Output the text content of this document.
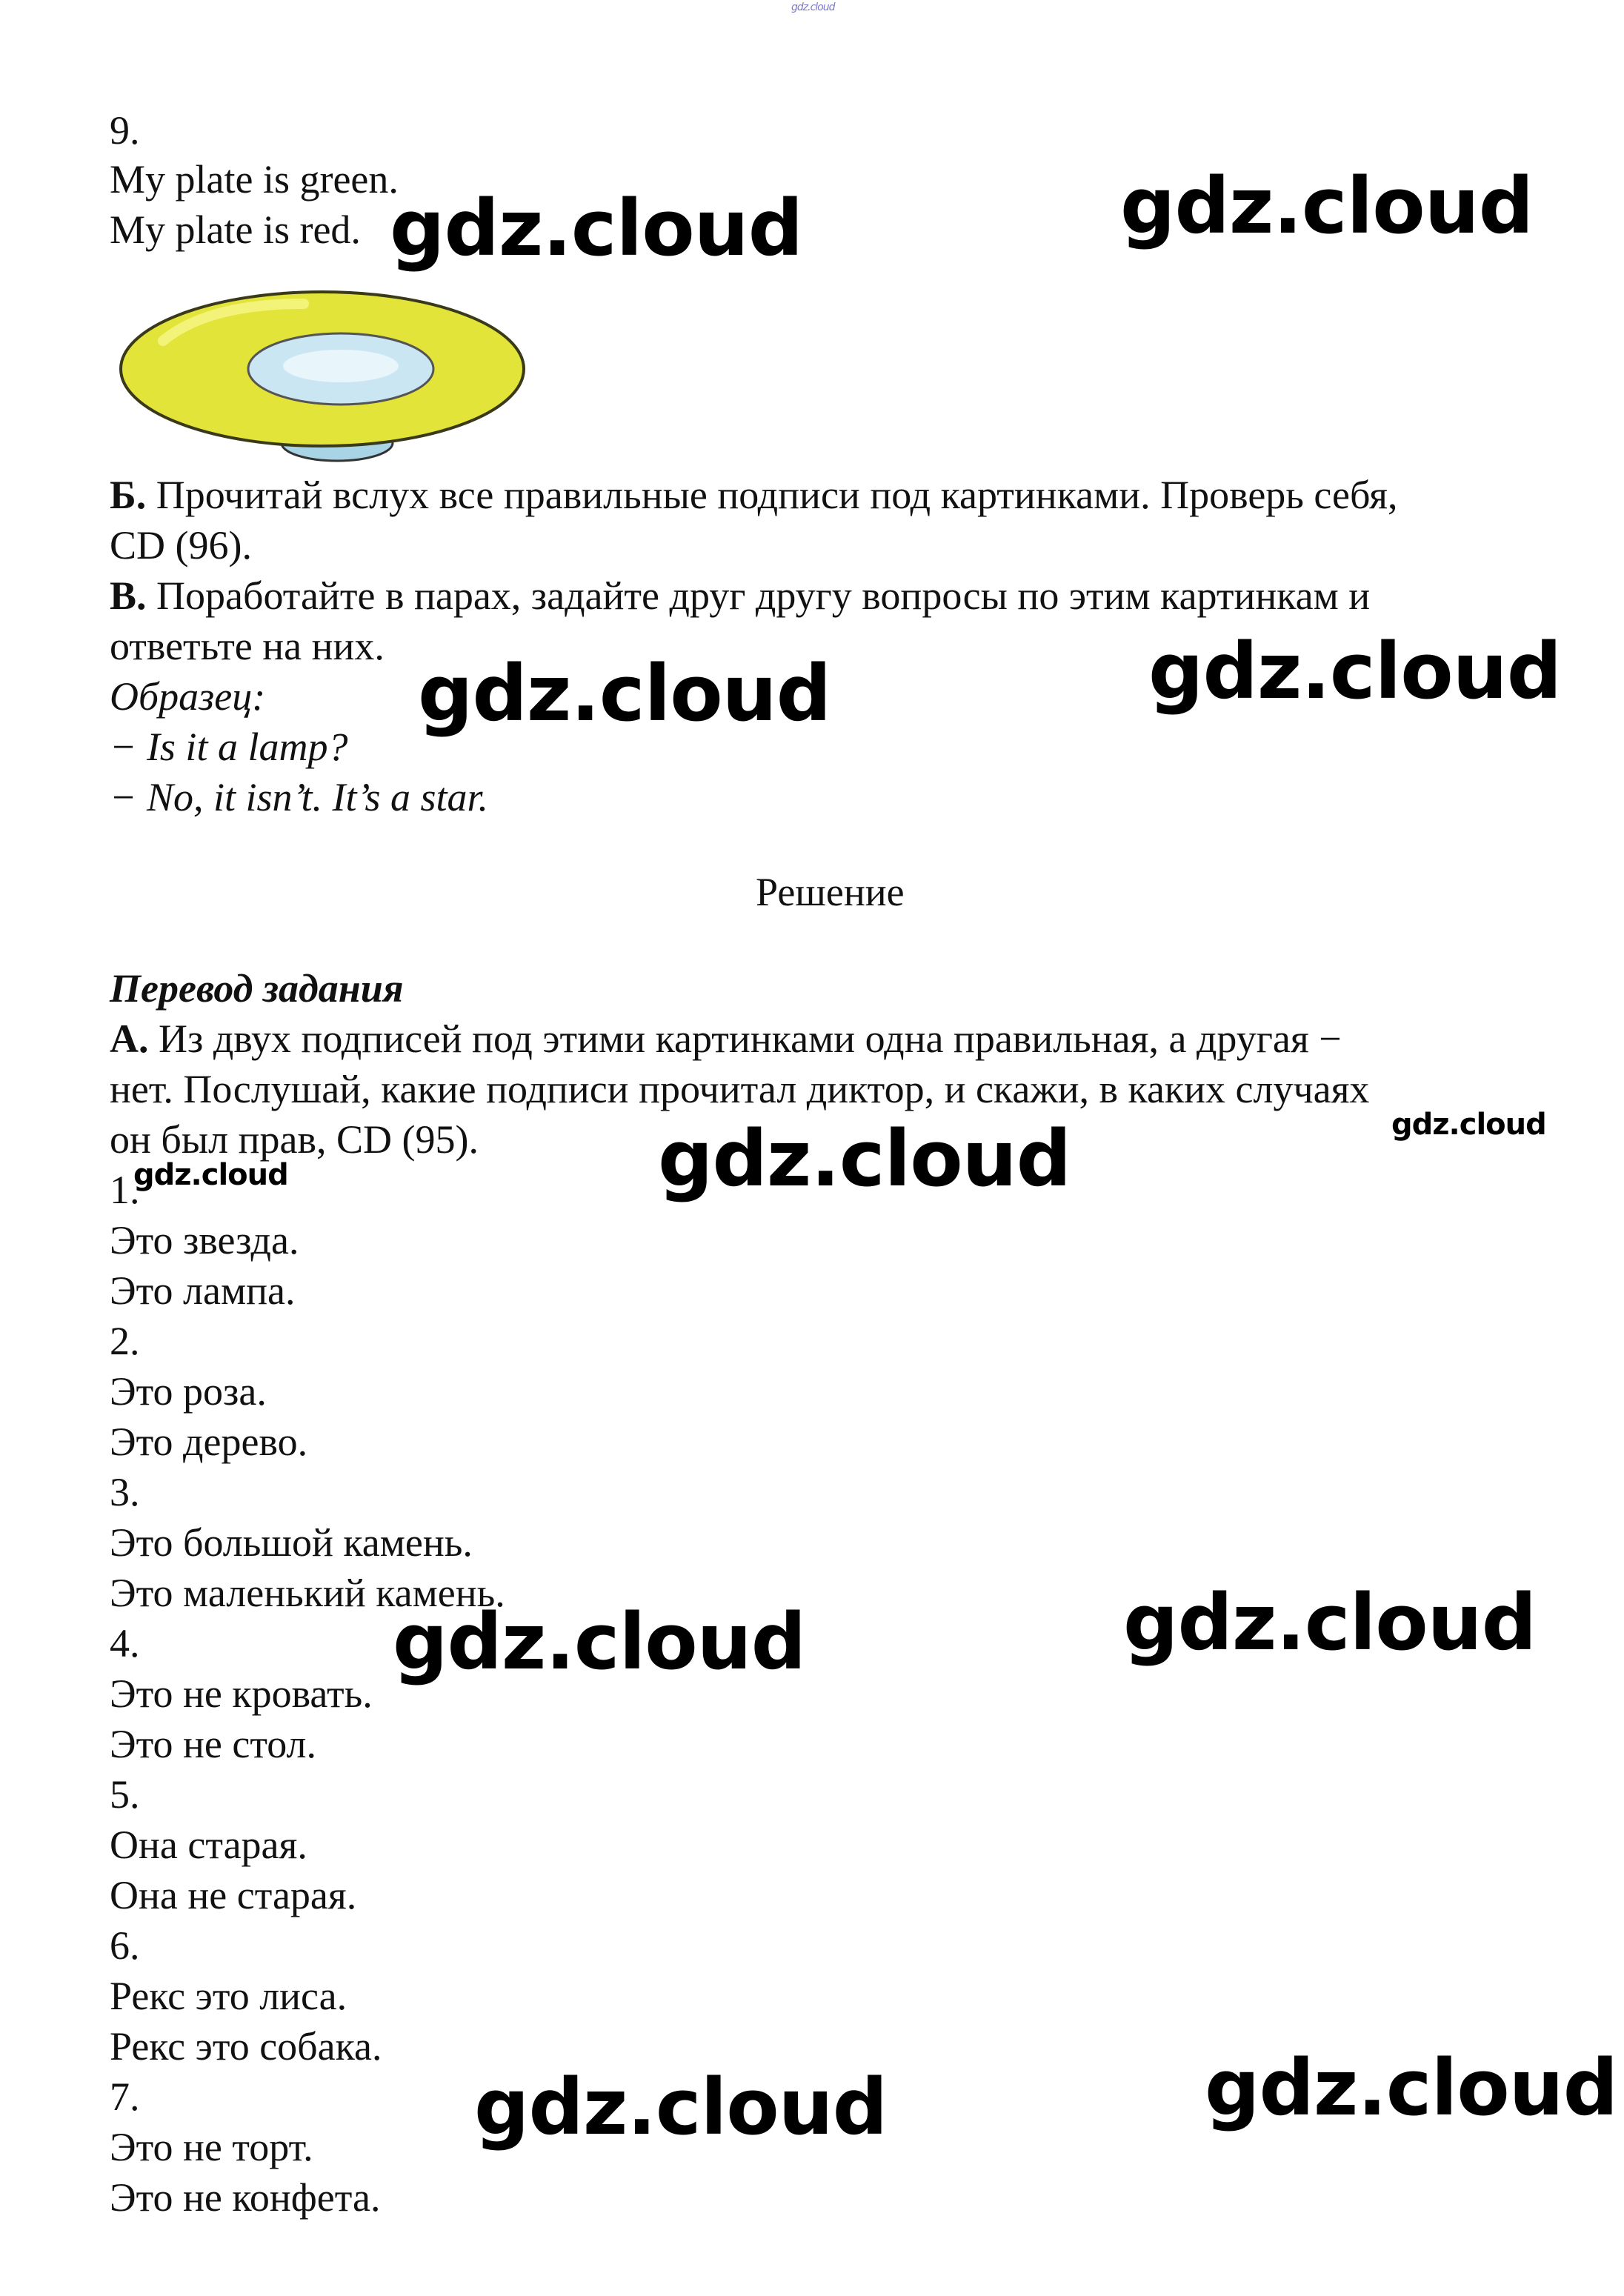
gdz.cloud
9.
My plate is green.
My plate is red.
Б. Прочитай вслух все правильные подписи под картинками. Проверь себя,
CD (96).
В. Поработайте в парах, задайте друг другу вопросы по этим картинкам и
ответьте на них.
Образец:
− Is it a lamp?
− No, it isn’t. It’s a star.
Решение
Перевод задания
А. Из двух подписей под этими картинками одна правильная, а другая −
нет. Послушай, какие подписи прочитал диктор, и скажи, в каких случаях
он был прав, CD (95).
1.
Это звезда.
Это лампа.
2.
Это роза.
Это дерево.
3.
Это большой камень.
Это маленький камень.
4.
Это не кровать.
Это не стол.
5.
Она старая.
Она не старая.
6.
Рекс это лиса.
Рекс это собака.
7.
Это не торт.
Это не конфета.
gdz.cloud	gdz.cloud
gdz.cloud
gdz.cloud
gdz.cloud	gdz.cloud
gdz.cloud
gdz.cloud	gdz.cloud
gdz.cloud	gdz.cloud
